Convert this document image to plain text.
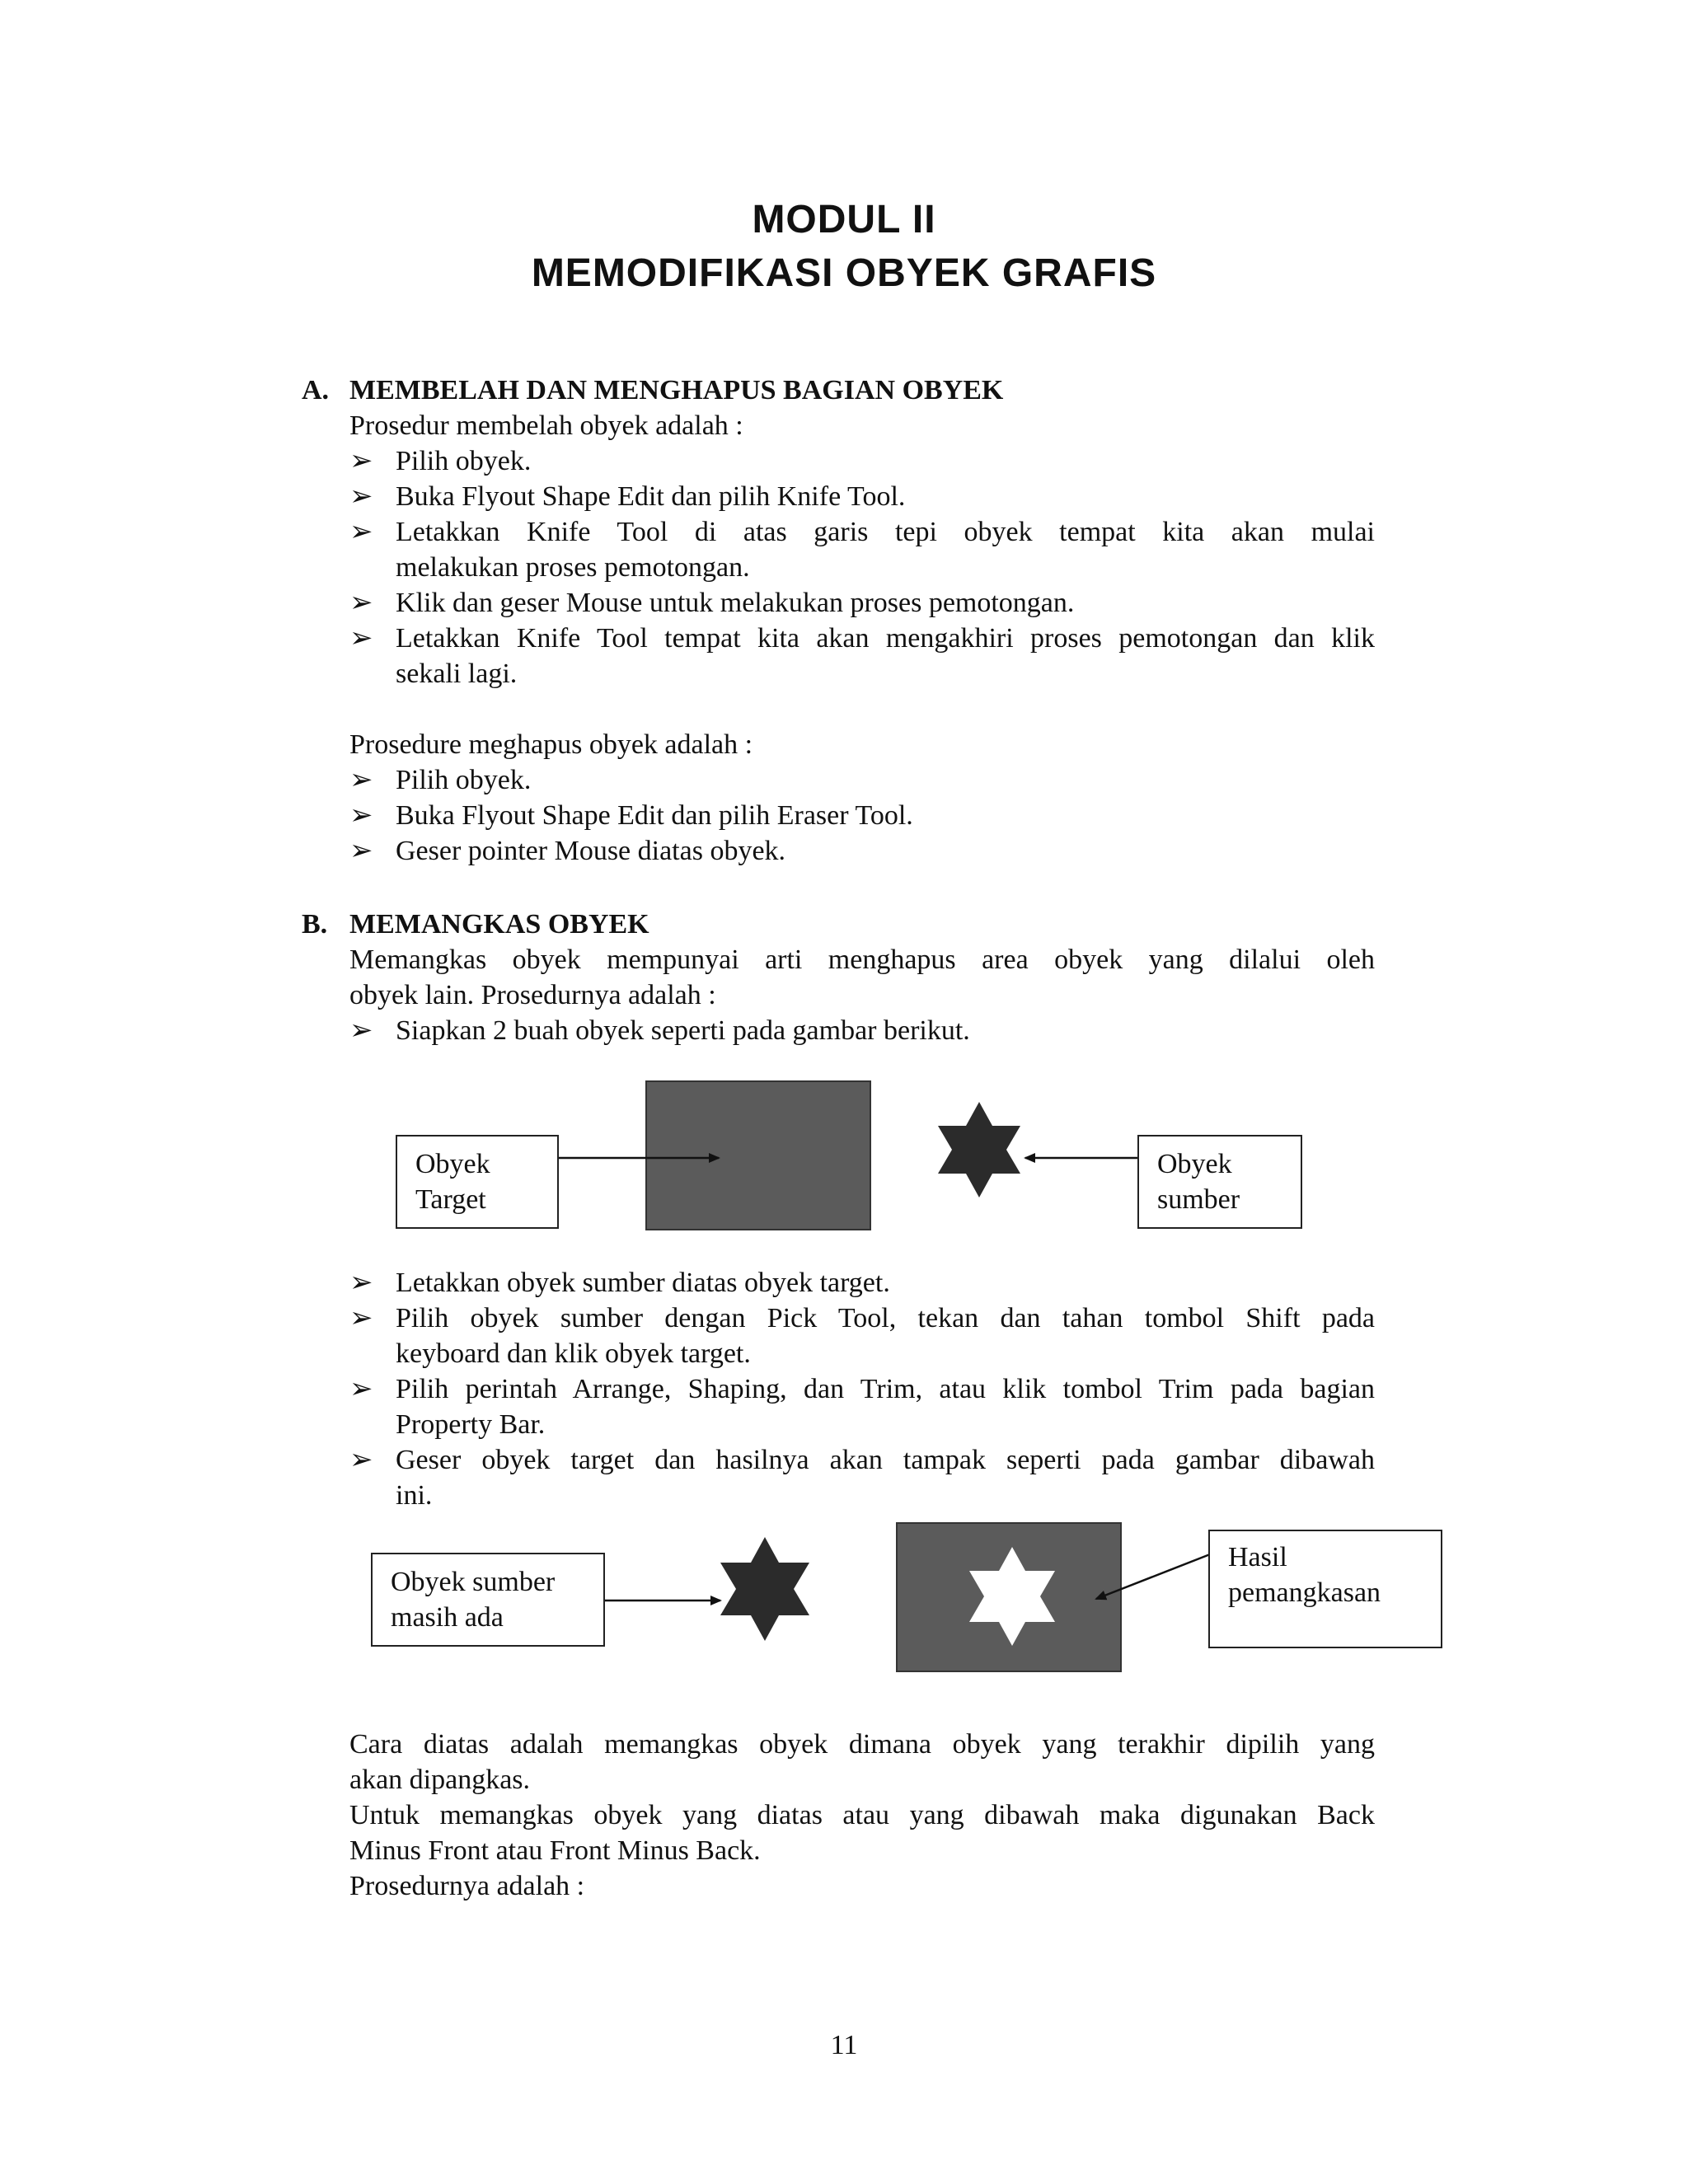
MODUL II
MEMODIFIKASI OBYEK GRAFIS
A. MEMBELAH DAN MENGHAPUS BAGIAN OBYEK
Prosedur membelah obyek adalah :
➢ Pilih obyek.
➢ Buka Flyout Shape Edit dan pilih Knife Tool.
➢ Letakkan Knife Tool di atas garis tepi obyek tempat kita akan mulai
melakukan proses pemotongan.
➢ Klik dan geser Mouse untuk melakukan proses pemotongan.
➢ Letakkan Knife Tool tempat kita akan mengakhiri proses pemotongan dan klik
sekali lagi.
Prosedure meghapus obyek adalah :
➢ Pilih obyek.
➢ Buka Flyout Shape Edit dan pilih Eraser Tool.
➢ Geser pointer Mouse diatas obyek.
B. MEMANGKAS OBYEK
Memangkas obyek mempunyai arti menghapus area obyek yang dilalui oleh
obyek lain. Prosedurnya adalah :
➢ Siapkan 2 buah obyek seperti pada gambar berikut.
Obyek
Target
Obyek
sumber
➢ Letakkan obyek sumber diatas obyek target.
➢ Pilih obyek sumber dengan Pick Tool, tekan dan tahan tombol Shift pada
keyboard dan klik obyek target.
➢ Pilih perintah Arrange, Shaping, dan Trim, atau klik tombol Trim pada bagian
Property Bar.
➢ Geser obyek target dan hasilnya akan tampak seperti pada gambar dibawah
ini.
Obyek sumber
masih ada
Hasil
pemangkasan
Cara diatas adalah memangkas obyek dimana obyek yang terakhir dipilih yang
akan dipangkas.
Untuk memangkas obyek yang diatas atau yang dibawah maka digunakan Back
Minus Front atau Front Minus Back.
Prosedurnya adalah :
11
